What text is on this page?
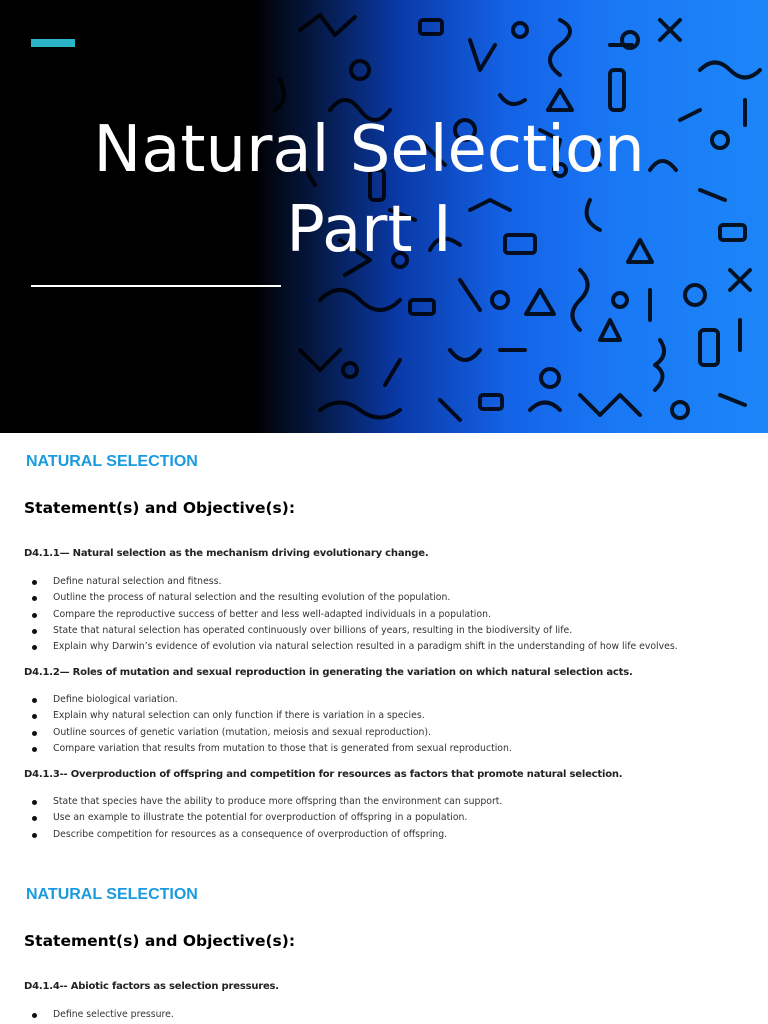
Natural Selection
Part I
NATURAL SELECTION
Statement(s) and Objective(s):
D4.1.1— Natural selection as the mechanism driving evolutionary change.
Define natural selection and fitness.
Outline the process of natural selection and the resulting evolution of the population.
Compare the reproductive success of better and less well-adapted individuals in a population.
State that natural selection has operated continuously over billions of years, resulting in the biodiversity of life.
Explain why Darwin’s evidence of evolution via natural selection resulted in a paradigm shift in the understanding of how life evolves.
D4.1.2— Roles of mutation and sexual reproduction in generating the variation on which natural selection acts.
Define biological variation.
Explain why natural selection can only function if there is variation in a species.
Outline sources of genetic variation (mutation, meiosis and sexual reproduction).
Compare variation that results from mutation to those that is generated from sexual reproduction.
D4.1.3-- Overproduction of offspring and competition for resources as factors that promote natural selection.
State that species have the ability to produce more offspring than the environment can support.
Use an example to illustrate the potential for overproduction of offspring in a population.
Describe competition for resources as a consequence of overproduction of offspring.
NATURAL SELECTION
Statement(s) and Objective(s):
D4.1.4-- Abiotic factors as selection pressures.
Define selective pressure.
